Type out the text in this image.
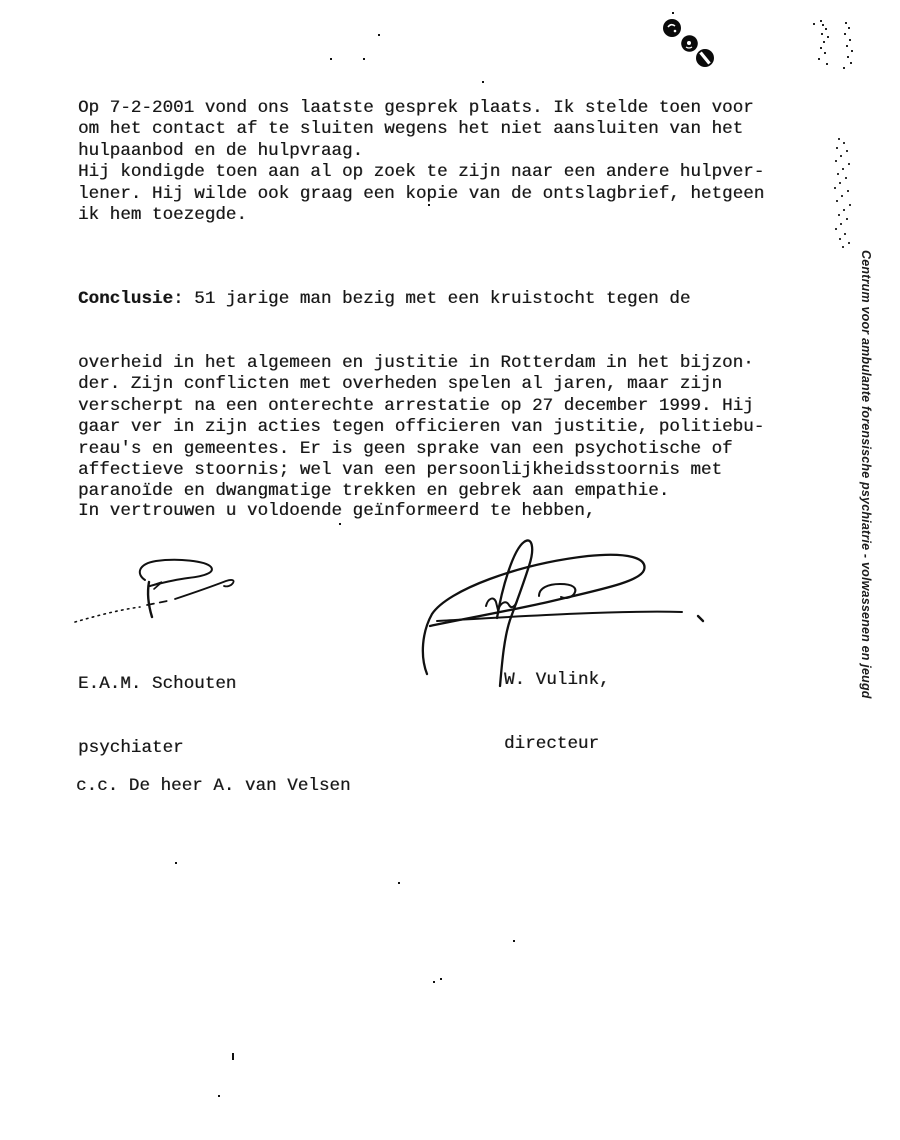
Op 7-2-2001 vond ons laatste gesprek plaats. Ik stelde toen voor
om het contact af te sluiten wegens het niet aansluiten van het
hulpaanbod en de hulpvraag.
Hij kondigde toen aan al op zoek te zijn naar een andere hulpver-
lener. Hij wilde ook graag een kopie van de ontslagbrief, hetgeen
ik hem toezegde.

Conclusie: 51 jarige man bezig met een kruistocht tegen de

overheid in het algemeen en justitie in Rotterdam in het bijzon·
der. Zijn conflicten met overheden spelen al jaren, maar zijn
verscherpt na een onterechte arrestatie op 27 december 1999. Hij
gaar ver in zijn acties tegen officieren van justitie, politiebu-
reau's en gemeentes. Er is geen sprake van een psychotische of
affectieve stoornis; wel van een persoonlijkheidsstoornis met
paranoïde en dwangmatige trekken en gebrek aan empathie.

In vertrouwen u voldoende geïnformeerd te hebben,

E.A.M. Schouten

psychiater

W. Vulink,

directeur

c.c. De heer A. van Velsen
Centrum voor ambulante forensische psychiatrie - volwassenen en jeugd
